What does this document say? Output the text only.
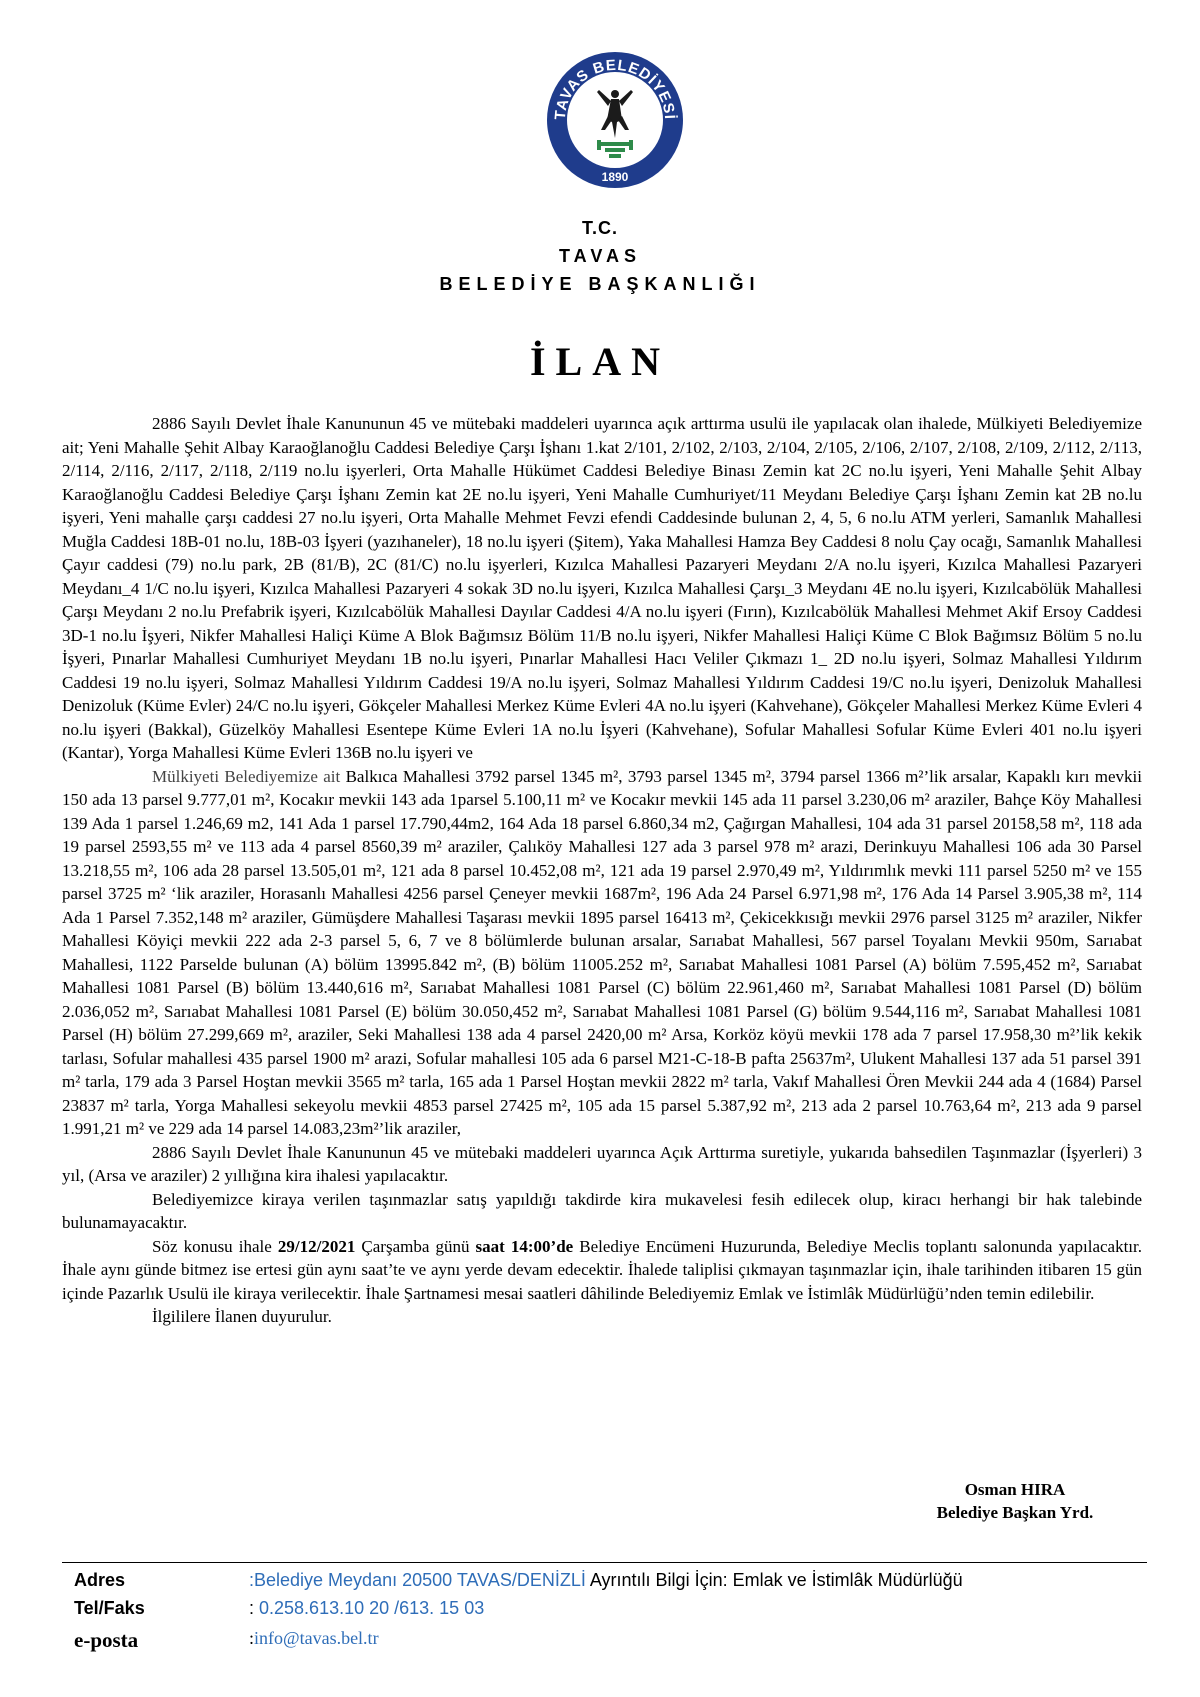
TAVAS BELEDİYESİ
1890
T.C.
TAVAS
BELEDİYE BAŞKANLIĞI
İLAN

2886 Sayılı Devlet İhale Kanununun 45 ve mütebaki maddeleri uyarınca açık arttırma usulü ile yapılacak olan ihalede, Mülkiyeti Belediyemize ait; Yeni Mahalle Şehit Albay Karaoğlanoğlu Caddesi Belediye Çarşı İşhanı 1.kat 2/101, 2/102, 2/103, 2/104, 2/105, 2/106, 2/107, 2/108, 2/109, 2/112, 2/113, 2/114, 2/116, 2/117, 2/118, 2/119 no.lu işyerleri, Orta Mahalle Hükümet Caddesi Belediye Binası Zemin kat 2C no.lu işyeri, Yeni Mahalle Şehit Albay Karaoğlanoğlu Caddesi Belediye Çarşı İşhanı Zemin kat 2E no.lu işyeri, Yeni Mahalle Cumhuriyet/11 Meydanı Belediye Çarşı İşhanı Zemin kat 2B no.lu işyeri, Yeni mahalle çarşı caddesi 27 no.lu işyeri, Orta Mahalle Mehmet Fevzi efendi Caddesinde bulunan 2, 4, 5, 6 no.lu ATM yerleri, Samanlık Mahallesi Muğla Caddesi 18B-01 no.lu, 18B-03 İşyeri (yazıhaneler), 18 no.lu işyeri (Şitem), Yaka Mahallesi Hamza Bey Caddesi 8 nolu Çay ocağı, Samanlık Mahallesi Çayır caddesi (79) no.lu park, 2B (81/B), 2C (81/C) no.lu işyerleri, Kızılca Mahallesi Pazaryeri Meydanı 2/A no.lu işyeri, Kızılca Mahallesi Pazaryeri Meydanı_4 1/C no.lu işyeri, Kızılca Mahallesi Pazaryeri 4 sokak 3D no.lu işyeri, Kızılca Mahallesi Çarşı_3 Meydanı 4E no.lu işyeri, Kızılcabölük Mahallesi Çarşı Meydanı 2 no.lu Prefabrik işyeri, Kızılcabölük Mahallesi Dayılar Caddesi 4/A no.lu işyeri (Fırın), Kızılcabölük Mahallesi Mehmet Akif Ersoy Caddesi 3D-1 no.lu İşyeri, Nikfer Mahallesi Haliçi Küme A Blok Bağımsız Bölüm 11/B no.lu işyeri, Nikfer Mahallesi Haliçi Küme C Blok Bağımsız Bölüm 5 no.lu İşyeri, Pınarlar Mahallesi Cumhuriyet Meydanı 1B no.lu işyeri, Pınarlar Mahallesi Hacı Veliler Çıkmazı 1_ 2D no.lu işyeri, Solmaz Mahallesi Yıldırım Caddesi 19 no.lu işyeri, Solmaz Mahallesi Yıldırım Caddesi 19/A no.lu işyeri, Solmaz Mahallesi Yıldırım Caddesi 19/C no.lu işyeri, Denizoluk Mahallesi Denizoluk (Küme Evler) 24/C no.lu işyeri, Gökçeler Mahallesi Merkez Küme Evleri 4A no.lu işyeri (Kahvehane), Gökçeler Mahallesi Merkez Küme Evleri 4 no.lu işyeri (Bakkal), Güzelköy Mahallesi Esentepe Küme Evleri 1A no.lu İşyeri (Kahvehane), Sofular Mahallesi Sofular Küme Evleri 401 no.lu işyeri (Kantar), Yorga Mahallesi Küme Evleri 136B no.lu işyeri ve

Mülkiyeti Belediyemize ait Balkıca Mahallesi 3792 parsel 1345 m², 3793 parsel 1345 m², 3794 parsel 1366 m²’lik arsalar, Kapaklı kırı mevkii 150 ada 13 parsel 9.777,01 m², Kocakır mevkii 143 ada 1parsel 5.100,11 m² ve Kocakır mevkii 145 ada 11 parsel 3.230,06 m² araziler, Bahçe Köy Mahallesi 139 Ada 1 parsel 1.246,69 m2, 141 Ada 1 parsel 17.790,44m2, 164 Ada 18 parsel 6.860,34 m2, Çağırgan Mahallesi, 104 ada 31 parsel 20158,58 m², 118 ada 19 parsel 2593,55 m² ve 113 ada 4 parsel 8560,39 m² araziler, Çalıköy Mahallesi 127 ada 3 parsel 978 m² arazi, Derinkuyu Mahallesi 106 ada 30 Parsel 13.218,55 m², 106 ada 28 parsel 13.505,01 m², 121 ada 8 parsel 10.452,08 m², 121 ada 19 parsel 2.970,49 m², Yıldırımlık mevki 111 parsel 5250 m² ve 155 parsel 3725 m² ‘lik araziler, Horasanlı Mahallesi 4256 parsel Çeneyer mevkii 1687m², 196 Ada 24 Parsel 6.971,98 m², 176 Ada 14 Parsel 3.905,38 m², 114 Ada 1 Parsel 7.352,148 m² araziler, Gümüşdere Mahallesi Taşarası mevkii 1895 parsel 16413 m², Çekicekkısığı mevkii 2976 parsel 3125 m² araziler, Nikfer Mahallesi Köyiçi mevkii 222 ada 2-3 parsel 5, 6, 7 ve 8 bölümlerde bulunan arsalar, Sarıabat Mahallesi, 567 parsel Toyalanı Mevkii 950m, Sarıabat Mahallesi, 1122 Parselde bulunan (A) bölüm 13995.842 m², (B) bölüm 11005.252 m², Sarıabat Mahallesi 1081 Parsel (A) bölüm 7.595,452 m², Sarıabat Mahallesi 1081 Parsel (B) bölüm 13.440,616 m², Sarıabat Mahallesi 1081 Parsel (C) bölüm 22.961,460 m², Sarıabat Mahallesi 1081 Parsel (D) bölüm 2.036,052 m², Sarıabat Mahallesi 1081 Parsel (E) bölüm 30.050,452 m², Sarıabat Mahallesi 1081 Parsel (G) bölüm 9.544,116 m², Sarıabat Mahallesi 1081 Parsel (H) bölüm 27.299,669 m², araziler, Seki Mahallesi 138 ada 4 parsel 2420,00 m² Arsa, Korköz köyü mevkii 178 ada 7 parsel 17.958,30 m²’lik kekik tarlası, Sofular mahallesi 435 parsel 1900 m² arazi, Sofular mahallesi 105 ada 6 parsel M21-C-18-B pafta 25637m², Ulukent Mahallesi 137 ada 51 parsel 391 m² tarla, 179 ada 3 Parsel Hoştan mevkii 3565 m² tarla, 165 ada 1 Parsel Hoştan mevkii 2822 m² tarla, Vakıf Mahallesi Ören Mevkii 244 ada 4 (1684) Parsel 23837 m² tarla, Yorga Mahallesi sekeyolu mevkii 4853 parsel 27425 m², 105 ada 15 parsel 5.387,92 m², 213 ada 2 parsel 10.763,64 m², 213 ada 9 parsel 1.991,21 m² ve 229 ada 14 parsel 14.083,23m²’lik araziler,

2886 Sayılı Devlet İhale Kanununun 45 ve mütebaki maddeleri uyarınca Açık Arttırma suretiyle, yukarıda bahsedilen Taşınmazlar (İşyerleri) 3 yıl, (Arsa ve araziler) 2 yıllığına kira ihalesi yapılacaktır.

Belediyemizce kiraya verilen taşınmazlar satış yapıldığı takdirde kira mukavelesi fesih edilecek olup, kiracı herhangi bir hak talebinde bulunamayacaktır.

Söz konusu ihale 29/12/2021 Çarşamba günü saat 14:00’de Belediye Encümeni Huzurunda, Belediye Meclis toplantı salonunda yapılacaktır. İhale aynı günde bitmez ise ertesi gün aynı saat’te ve aynı yerde devam edecektir. İhalede taliplisi çıkmayan taşınmazlar için, ihale tarihinden itibaren 15 gün içinde Pazarlık Usulü ile kiraya verilecektir. İhale Şartnamesi mesai saatleri dâhilinde Belediyemiz Emlak ve İstimlâk Müdürlüğü’nden temin edilebilir.

İlgililere İlanen duyurulur.

Osman HIRA
Belediye Başkan Yrd.
Adres	:Belediye Meydanı 20500 TAVAS/DENİZLİ Ayrıntılı Bilgi İçin: Emlak ve İstimlâk Müdürlüğü
Tel/Faks	: 0.258.613.10 20 /613. 15 03
e-posta	:info@tavas.bel.tr
